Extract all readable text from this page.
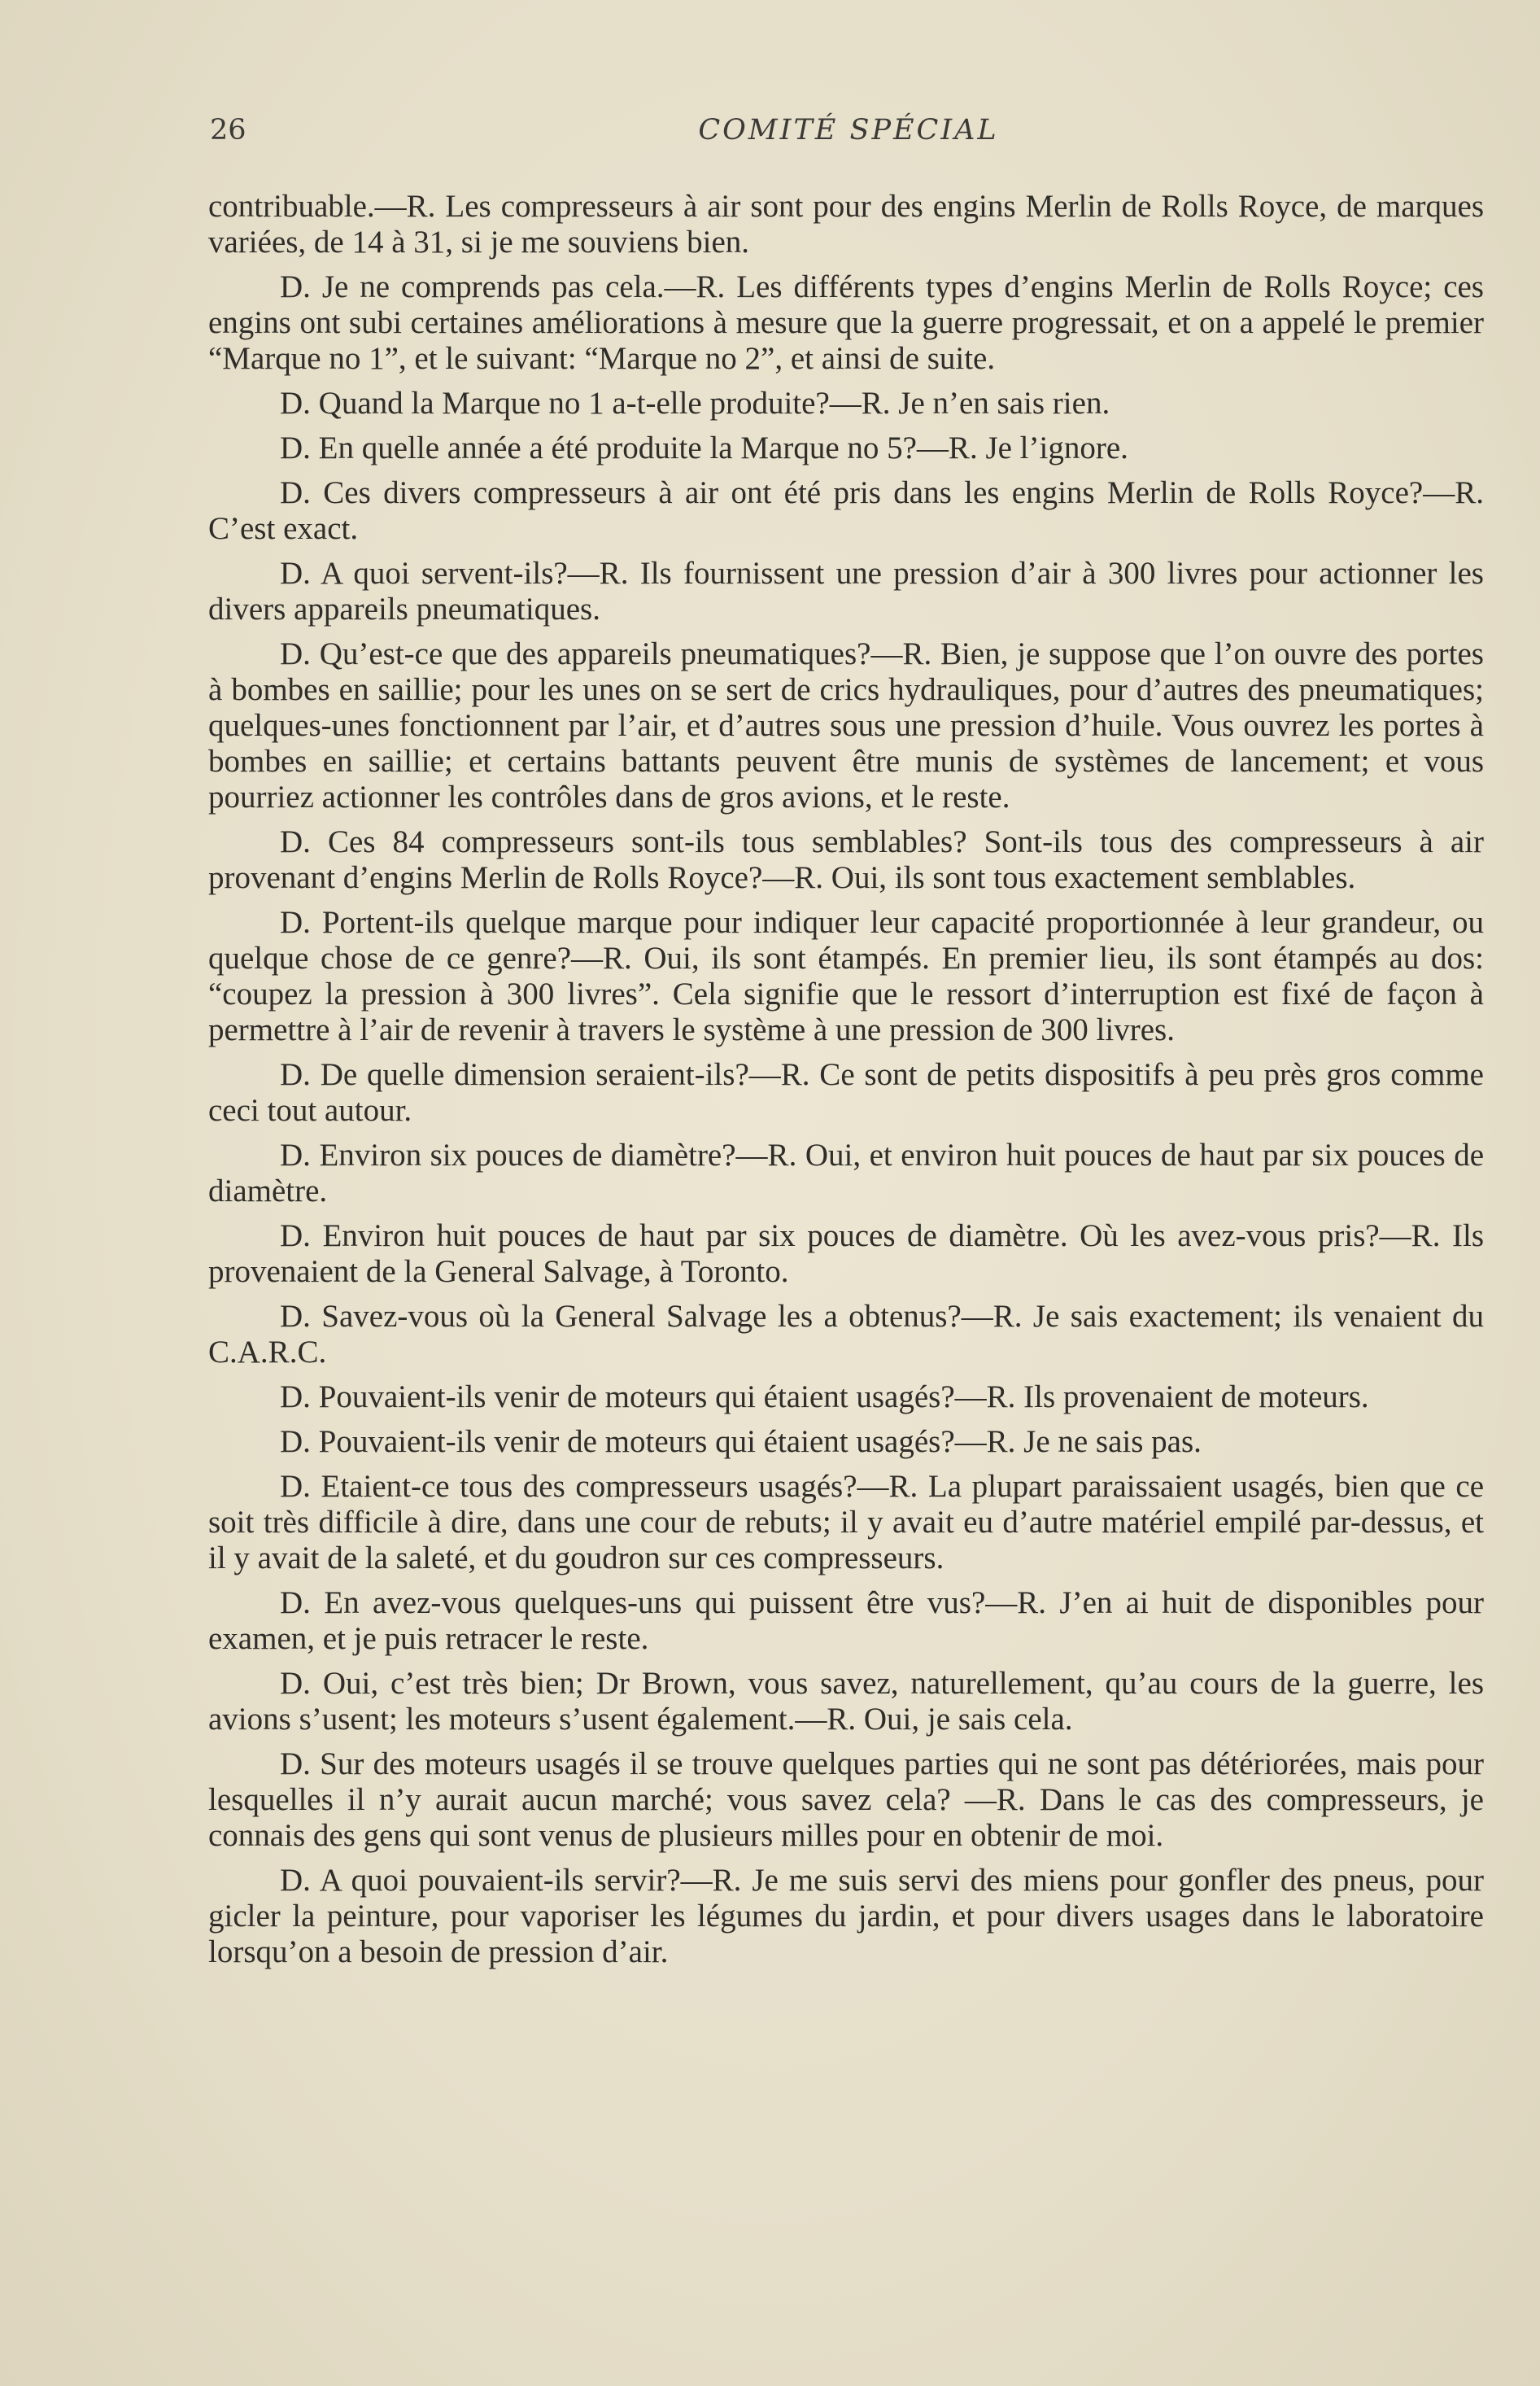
26	COMITÉ SPÉCIAL

contribuable.—R. Les compresseurs à air sont pour des engins Merlin de Rolls Royce, de marques variées, de 14 à 31, si je me souviens bien.

D. Je ne comprends pas cela.—R. Les différents types d’engins Merlin de Rolls Royce; ces engins ont subi certaines améliorations à mesure que la guerre progressait, et on a appelé le premier “Marque no 1”, et le suivant: “Marque no 2”, et ainsi de suite.

D. Quand la Marque no 1 a-t-elle produite?—R. Je n’en sais rien.

D. En quelle année a été produite la Marque no 5?—R. Je l’ignore.

D. Ces divers compresseurs à air ont été pris dans les engins Merlin de Rolls Royce?—R. C’est exact.

D. A quoi servent-ils?—R. Ils fournissent une pression d’air à 300 livres pour actionner les divers appareils pneumatiques.

D. Qu’est-ce que des appareils pneumatiques?—R. Bien, je suppose que l’on ouvre des portes à bombes en saillie; pour les unes on se sert de crics hydrauliques, pour d’autres des pneumatiques; quelques-unes fonctionnent par l’air, et d’autres sous une pression d’huile. Vous ouvrez les portes à bombes en saillie; et certains battants peuvent être munis de systèmes de lancement; et vous pourriez actionner les contrôles dans de gros avions, et le reste.

D. Ces 84 compresseurs sont-ils tous semblables? Sont-ils tous des compresseurs à air provenant d’engins Merlin de Rolls Royce?—R. Oui, ils sont tous exactement semblables.

D. Portent-ils quelque marque pour indiquer leur capacité proportionnée à leur grandeur, ou quelque chose de ce genre?—R. Oui, ils sont étampés. En premier lieu, ils sont étampés au dos: “coupez la pression à 300 livres”. Cela signifie que le ressort d’interruption est fixé de façon à permettre à l’air de revenir à travers le système à une pression de 300 livres.

D. De quelle dimension seraient-ils?—R. Ce sont de petits dispositifs à peu près gros comme ceci tout autour.

D. Environ six pouces de diamètre?—R. Oui, et environ huit pouces de haut par six pouces de diamètre.

D. Environ huit pouces de haut par six pouces de diamètre. Où les avez-vous pris?—R. Ils provenaient de la General Salvage, à Toronto.

D. Savez-vous où la General Salvage les a obtenus?—R. Je sais exactement; ils venaient du C.A.R.C.

D. Pouvaient-ils venir de moteurs qui étaient usagés?—R. Ils provenaient de moteurs.

D. Pouvaient-ils venir de moteurs qui étaient usagés?—R. Je ne sais pas.

D. Etaient-ce tous des compresseurs usagés?—R. La plupart paraissaient usagés, bien que ce soit très difficile à dire, dans une cour de rebuts; il y avait eu d’autre matériel empilé par-dessus, et il y avait de la saleté, et du goudron sur ces compresseurs.

D. En avez-vous quelques-uns qui puissent être vus?—R. J’en ai huit de disponibles pour examen, et je puis retracer le reste.

D. Oui, c’est très bien; Dr Brown, vous savez, naturellement, qu’au cours de la guerre, les avions s’usent; les moteurs s’usent également.—R. Oui, je sais cela.

D. Sur des moteurs usagés il se trouve quelques parties qui ne sont pas détériorées, mais pour lesquelles il n’y aurait aucun marché; vous savez cela? —R. Dans le cas des compresseurs, je connais des gens qui sont venus de plusieurs milles pour en obtenir de moi.

D. A quoi pouvaient-ils servir?—R. Je me suis servi des miens pour gonfler des pneus, pour gicler la peinture, pour vaporiser les légumes du jardin, et pour divers usages dans le laboratoire lorsqu’on a besoin de pression d’air.
